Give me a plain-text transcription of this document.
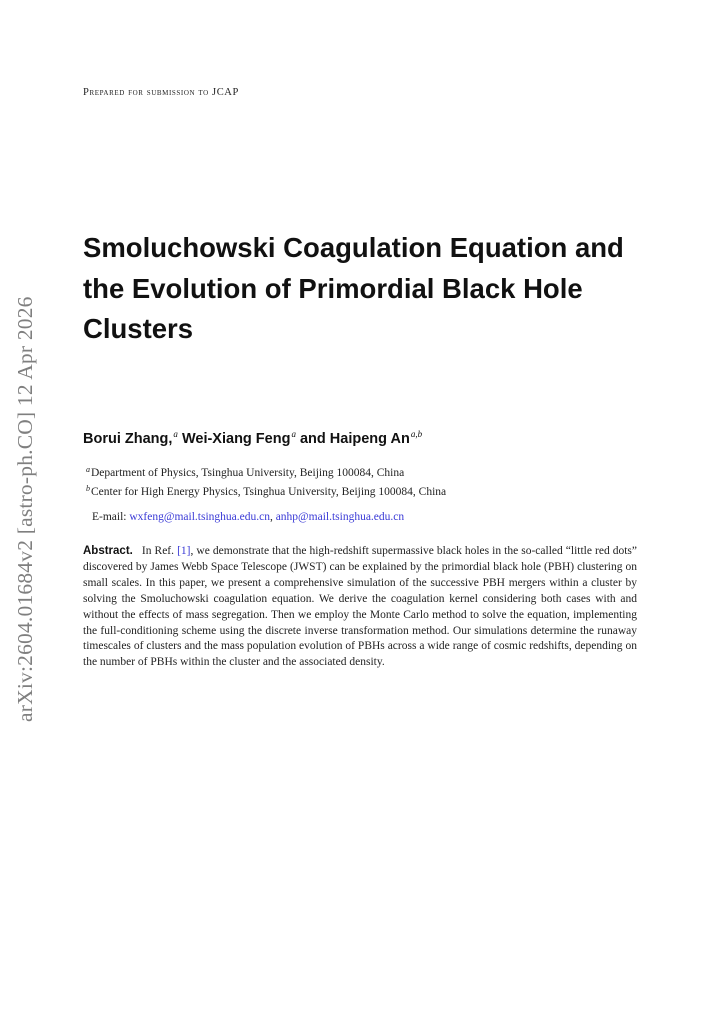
arXiv:2604.01684v2 [astro-ph.CO] 12 Apr 2026
Prepared for submission to JCAP
Smoluchowski Coagulation Equation and the Evolution of Primordial Black Hole Clusters
Borui Zhang,$^a$ Wei-Xiang Feng$^a$ and Haipeng An$^{a,b}$
$^a$Department of Physics, Tsinghua University, Beijing 100084, China
$^b$Center for High Energy Physics, Tsinghua University, Beijing 100084, China
E-mail: wxfeng@mail.tsinghua.edu.cn, anhp@mail.tsinghua.edu.cn

Abstract. In Ref. [1], we demonstrate that the high-redshift supermassive black holes in the so-called “little red dots” discovered by James Webb Space Telescope (JWST) can be explained by the primordial black hole (PBH) clustering on small scales. In this paper, we present a comprehensive simulation of the successive PBH mergers within a cluster by solving the Smoluchowski coagulation equation. We derive the coagulation kernel considering both cases with and without the effects of mass segregation. Then we employ the Monte Carlo method to solve the equation, implementing the full-conditioning scheme using the discrete inverse transformation method. Our simulations determine the runaway timescales of clusters and the mass population evolution of PBHs across a wide range of cosmic redshifts, depending on the number of PBHs within the cluster and the associated density.
